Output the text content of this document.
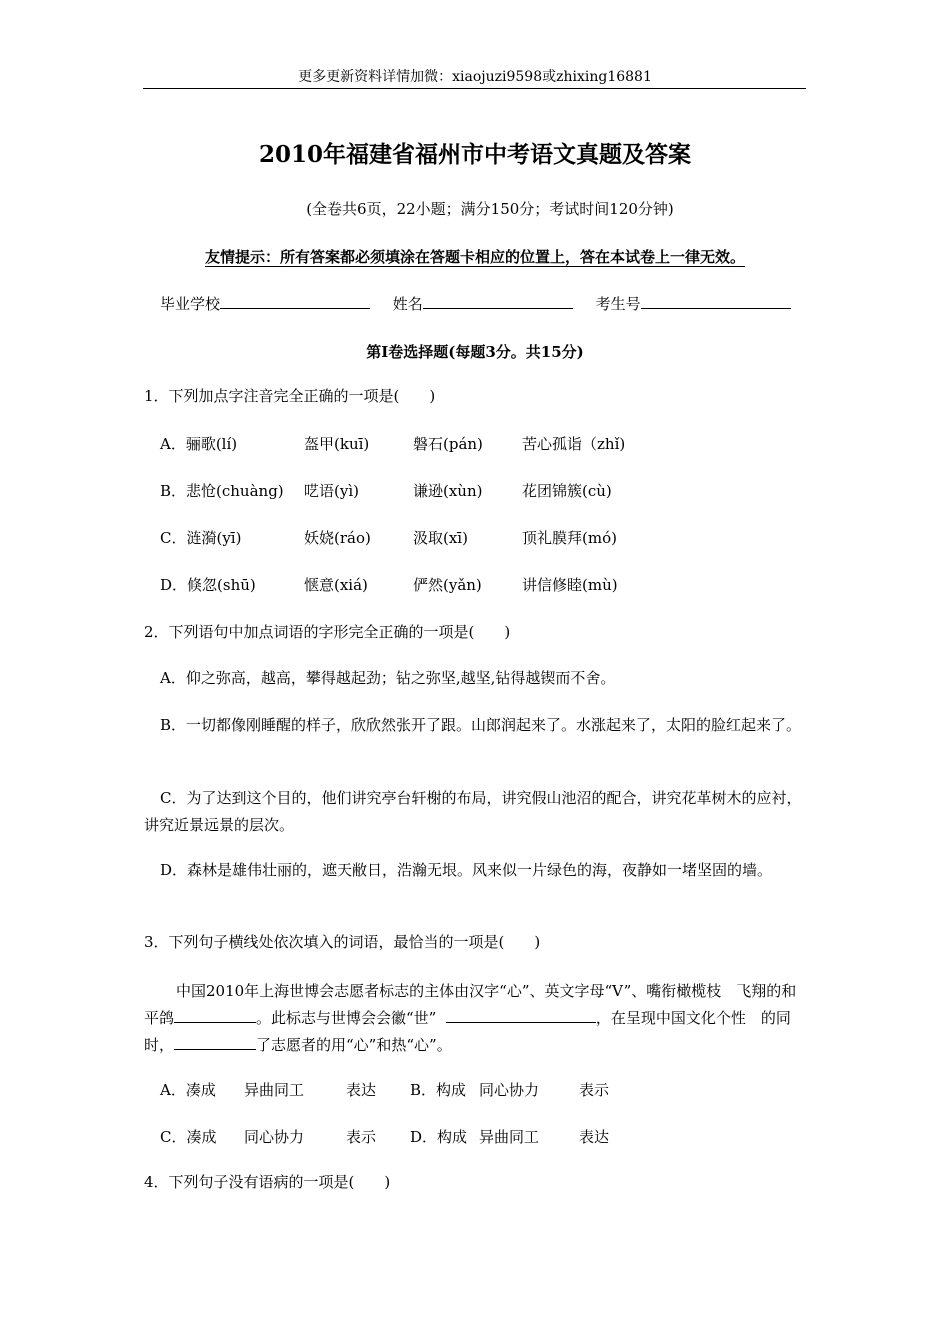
更多更新资料详情加微：xiaojuzi9598或zhixing16881
2010年福建省福州市中考语文真题及答案
(全卷共6页，22小题；满分150分；考试时间120分钟)
友情提示：所有答案都必须填涂在答题卡相应的位置上，答在本试卷上一律无效。
毕业学校	姓名	考生号
第Ⅰ卷选择题(每题3分。共15分)
1．下列加点字注音完全正确的一项是(　　)
A．骊歌(lí)	盔甲(kuī)	磐石(pán)	苦心孤诣（zhǐ)
B．悲怆(chuàng) 呓语(yì)	谦逊(xùn)	花团锦簇(cù)
C．涟漪(yī)	妖娆(ráo)	汲取(xī)	顶礼膜拜(mó)
D．倏忽(shū)	惬意(xiá)	俨然(yǎn)	讲信修睦(mù)
2．下列语句中加点词语的字形完全正确的一项是(　　)
A．仰之弥高，越高，攀得越起劲；钻之弥坚,越坚,钻得越锲而不舍。
B．一切都像刚睡醒的样子，欣欣然张开了跟。山郎润起来了。水涨起来了，太阳的脸红起来了。
C．为了达到这个目的，他们讲究亭台轩榭的布局，讲究假山池沼的配合，讲究花革树木的应衬，讲究近景远景的层次。
D．森林是雄伟壮丽的，遮天敝日，浩瀚无垠。风来似一片绿色的海，夜静如一堵坚固的墙。
3．下列句子横线处依次填入的词语，最恰当的一项是(　　)
中国2010年上海世博会志愿者标志的主体由汉字“心”、英文字母“V”、嘴衔橄榄枝　飞翔的和平鸽	。此标志与世博会会徽“世”	，在呈现中国文化个性　的同时，	了志愿者的用“心”和热“心”。
A．凑成 异曲同工	表达 B．构成 同心协力	表示
C．凑成 同心协力	表示 D．构成 异曲同工	表达
4．下列句子没有语病的一项是(　　)
